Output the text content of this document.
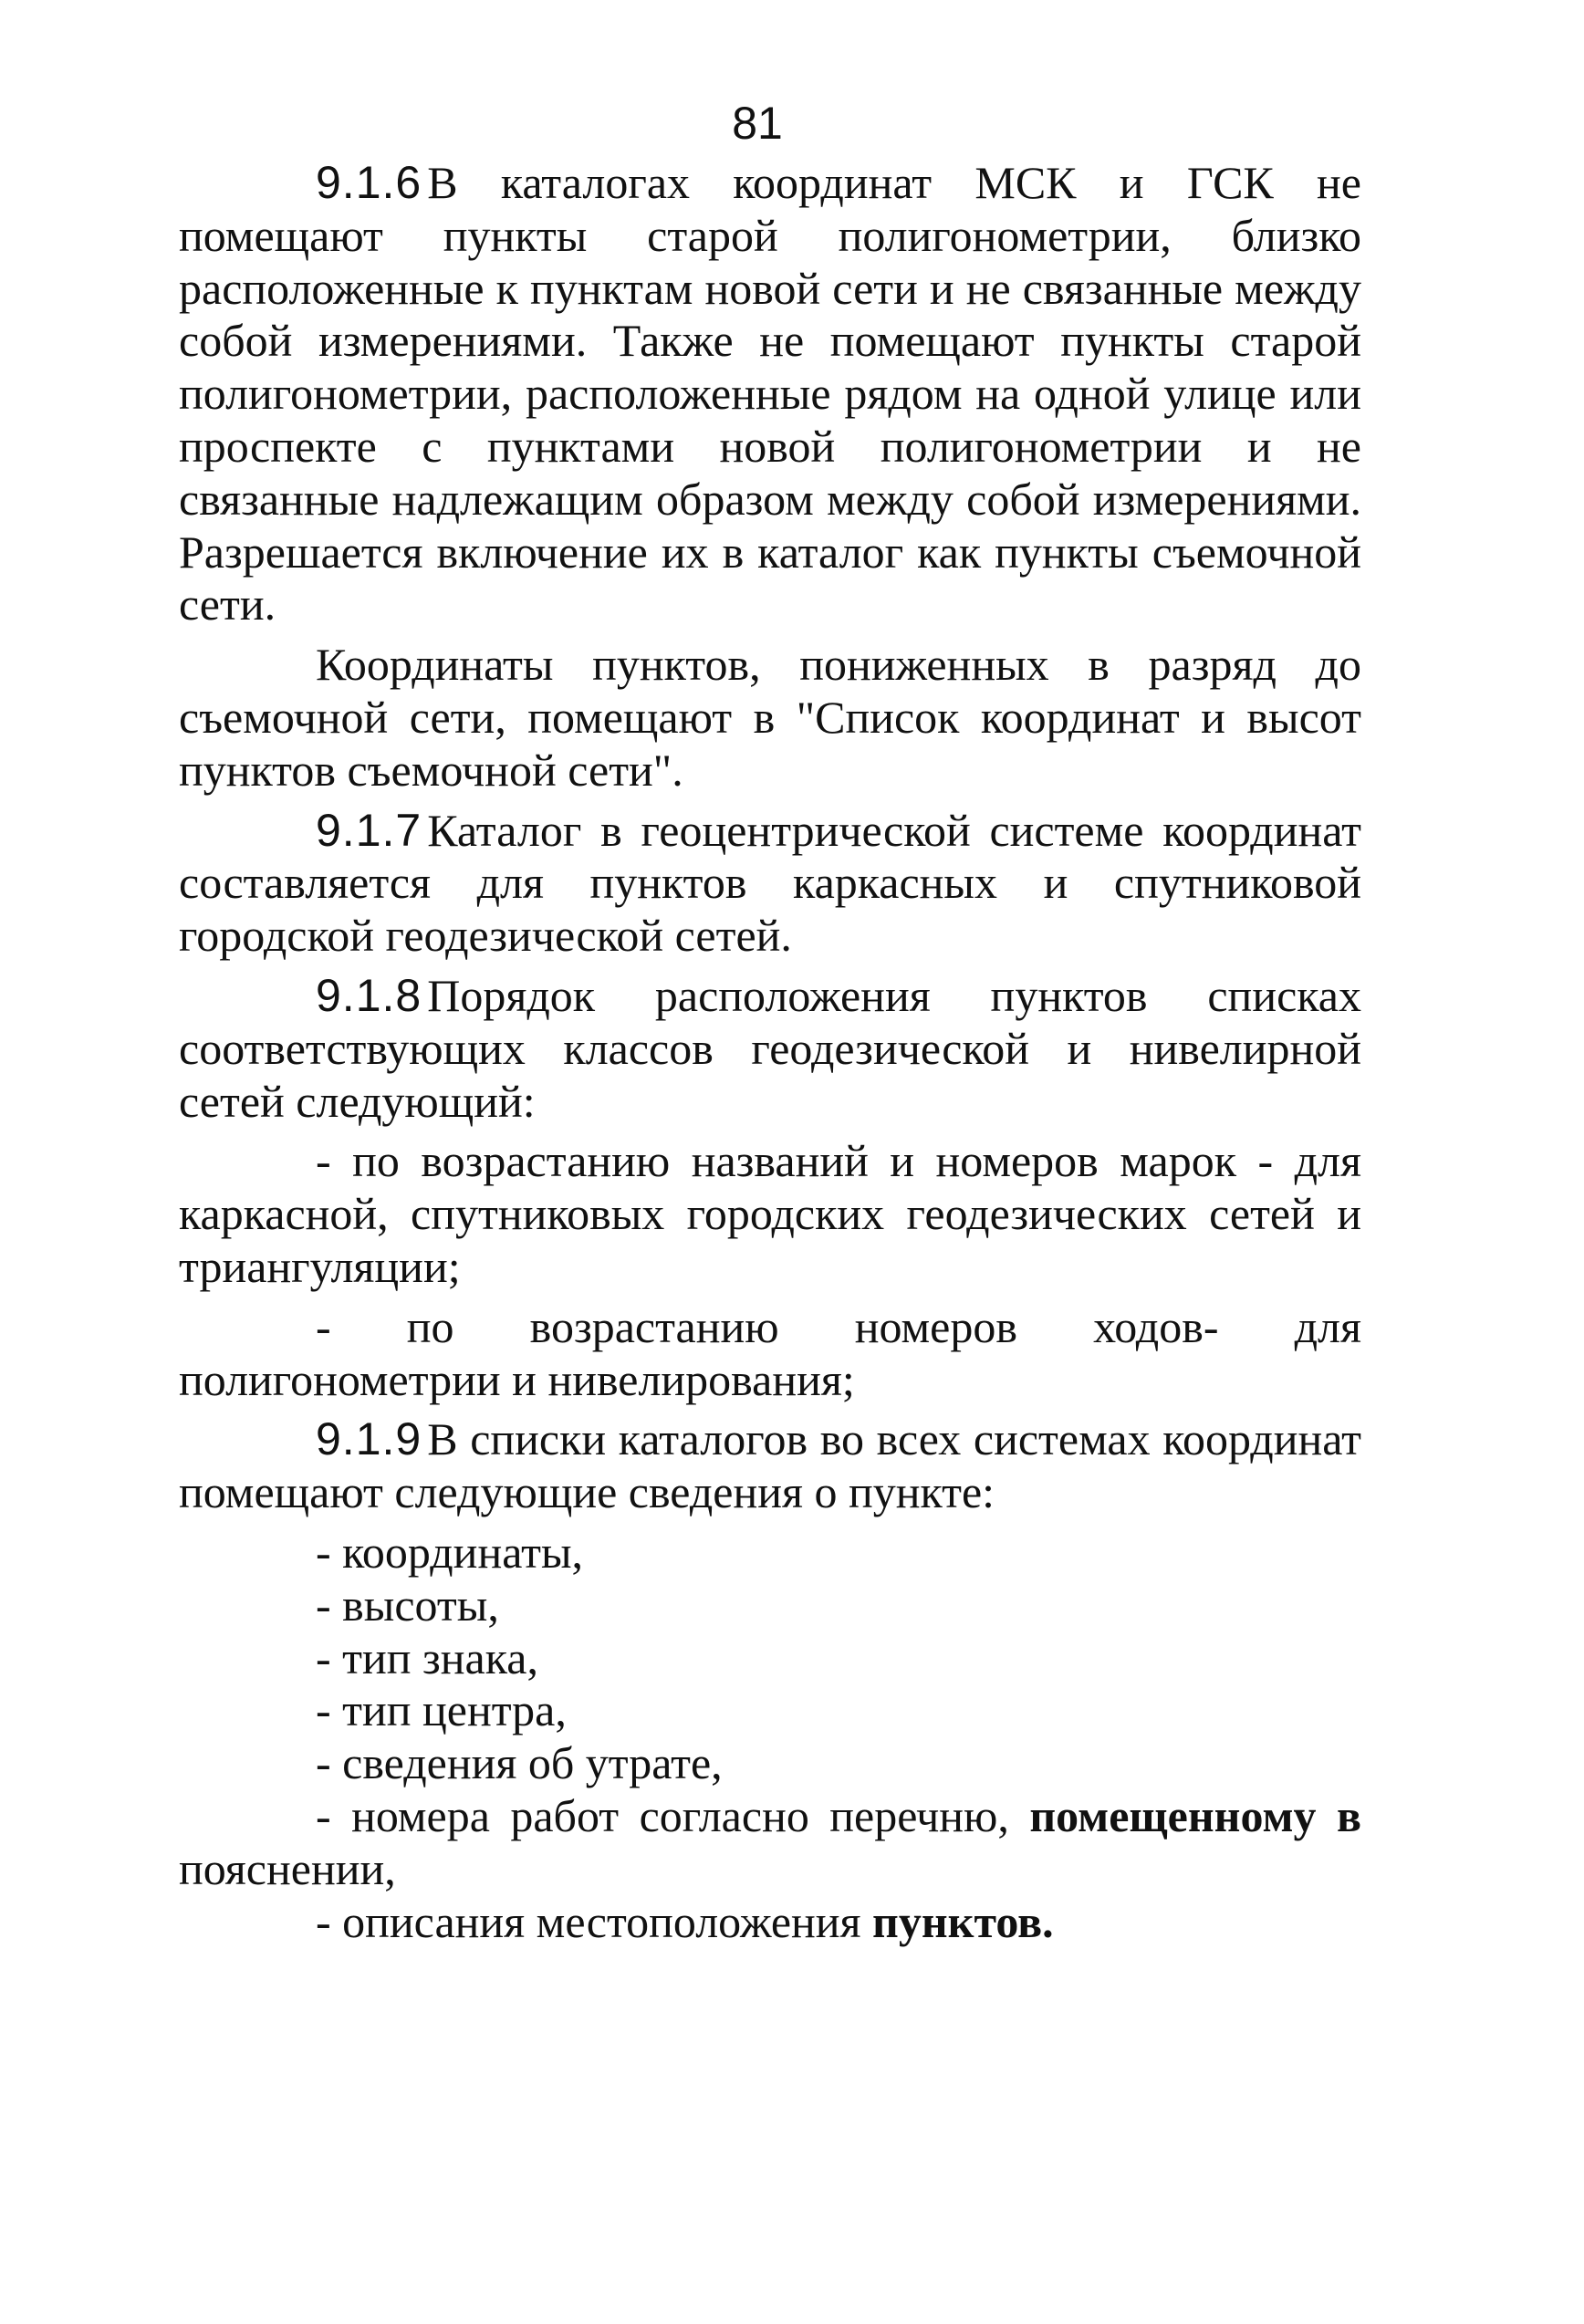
81

9.1.6 В каталогах координат МСК и ГСК не помещают пункты старой полигонометрии, близко расположенные к пунктам новой сети и не связанные между собой измерениями. Также не помещают пункты старой полигонометрии, расположенные рядом на одной улице или проспекте с пунктами новой полигонометрии и не связанные надлежащим образом между собой измерениями. Разрешается включение их в каталог как пункты съемочной сети.

Координаты пунктов, пониженных в разряд до съемочной сети, помещают в "Список координат и высот пунктов съемочной сети".

9.1.7 Каталог в геоцентрической системе координат составляется для пунктов каркасных и спутниковой городской геодезической сетей.

9.1.8 Порядок расположения пунктов списках соответствующих классов геодезической и нивелирной сетей следующий:

- по возрастанию названий и номеров марок - для каркасной, спутниковых городских геодезических сетей и триангуляции;

- по возрастанию номеров ходов- для полигонометрии и нивелирования;

9.1.9 В списки каталогов во всех системах координат помещают следующие сведения о пункте:

- координаты,

- высоты,

- тип знака,

- тип центра,

- сведения об утрате,

- номера работ согласно перечню, помещенному в пояснении,

- описания местоположения пунктов.
